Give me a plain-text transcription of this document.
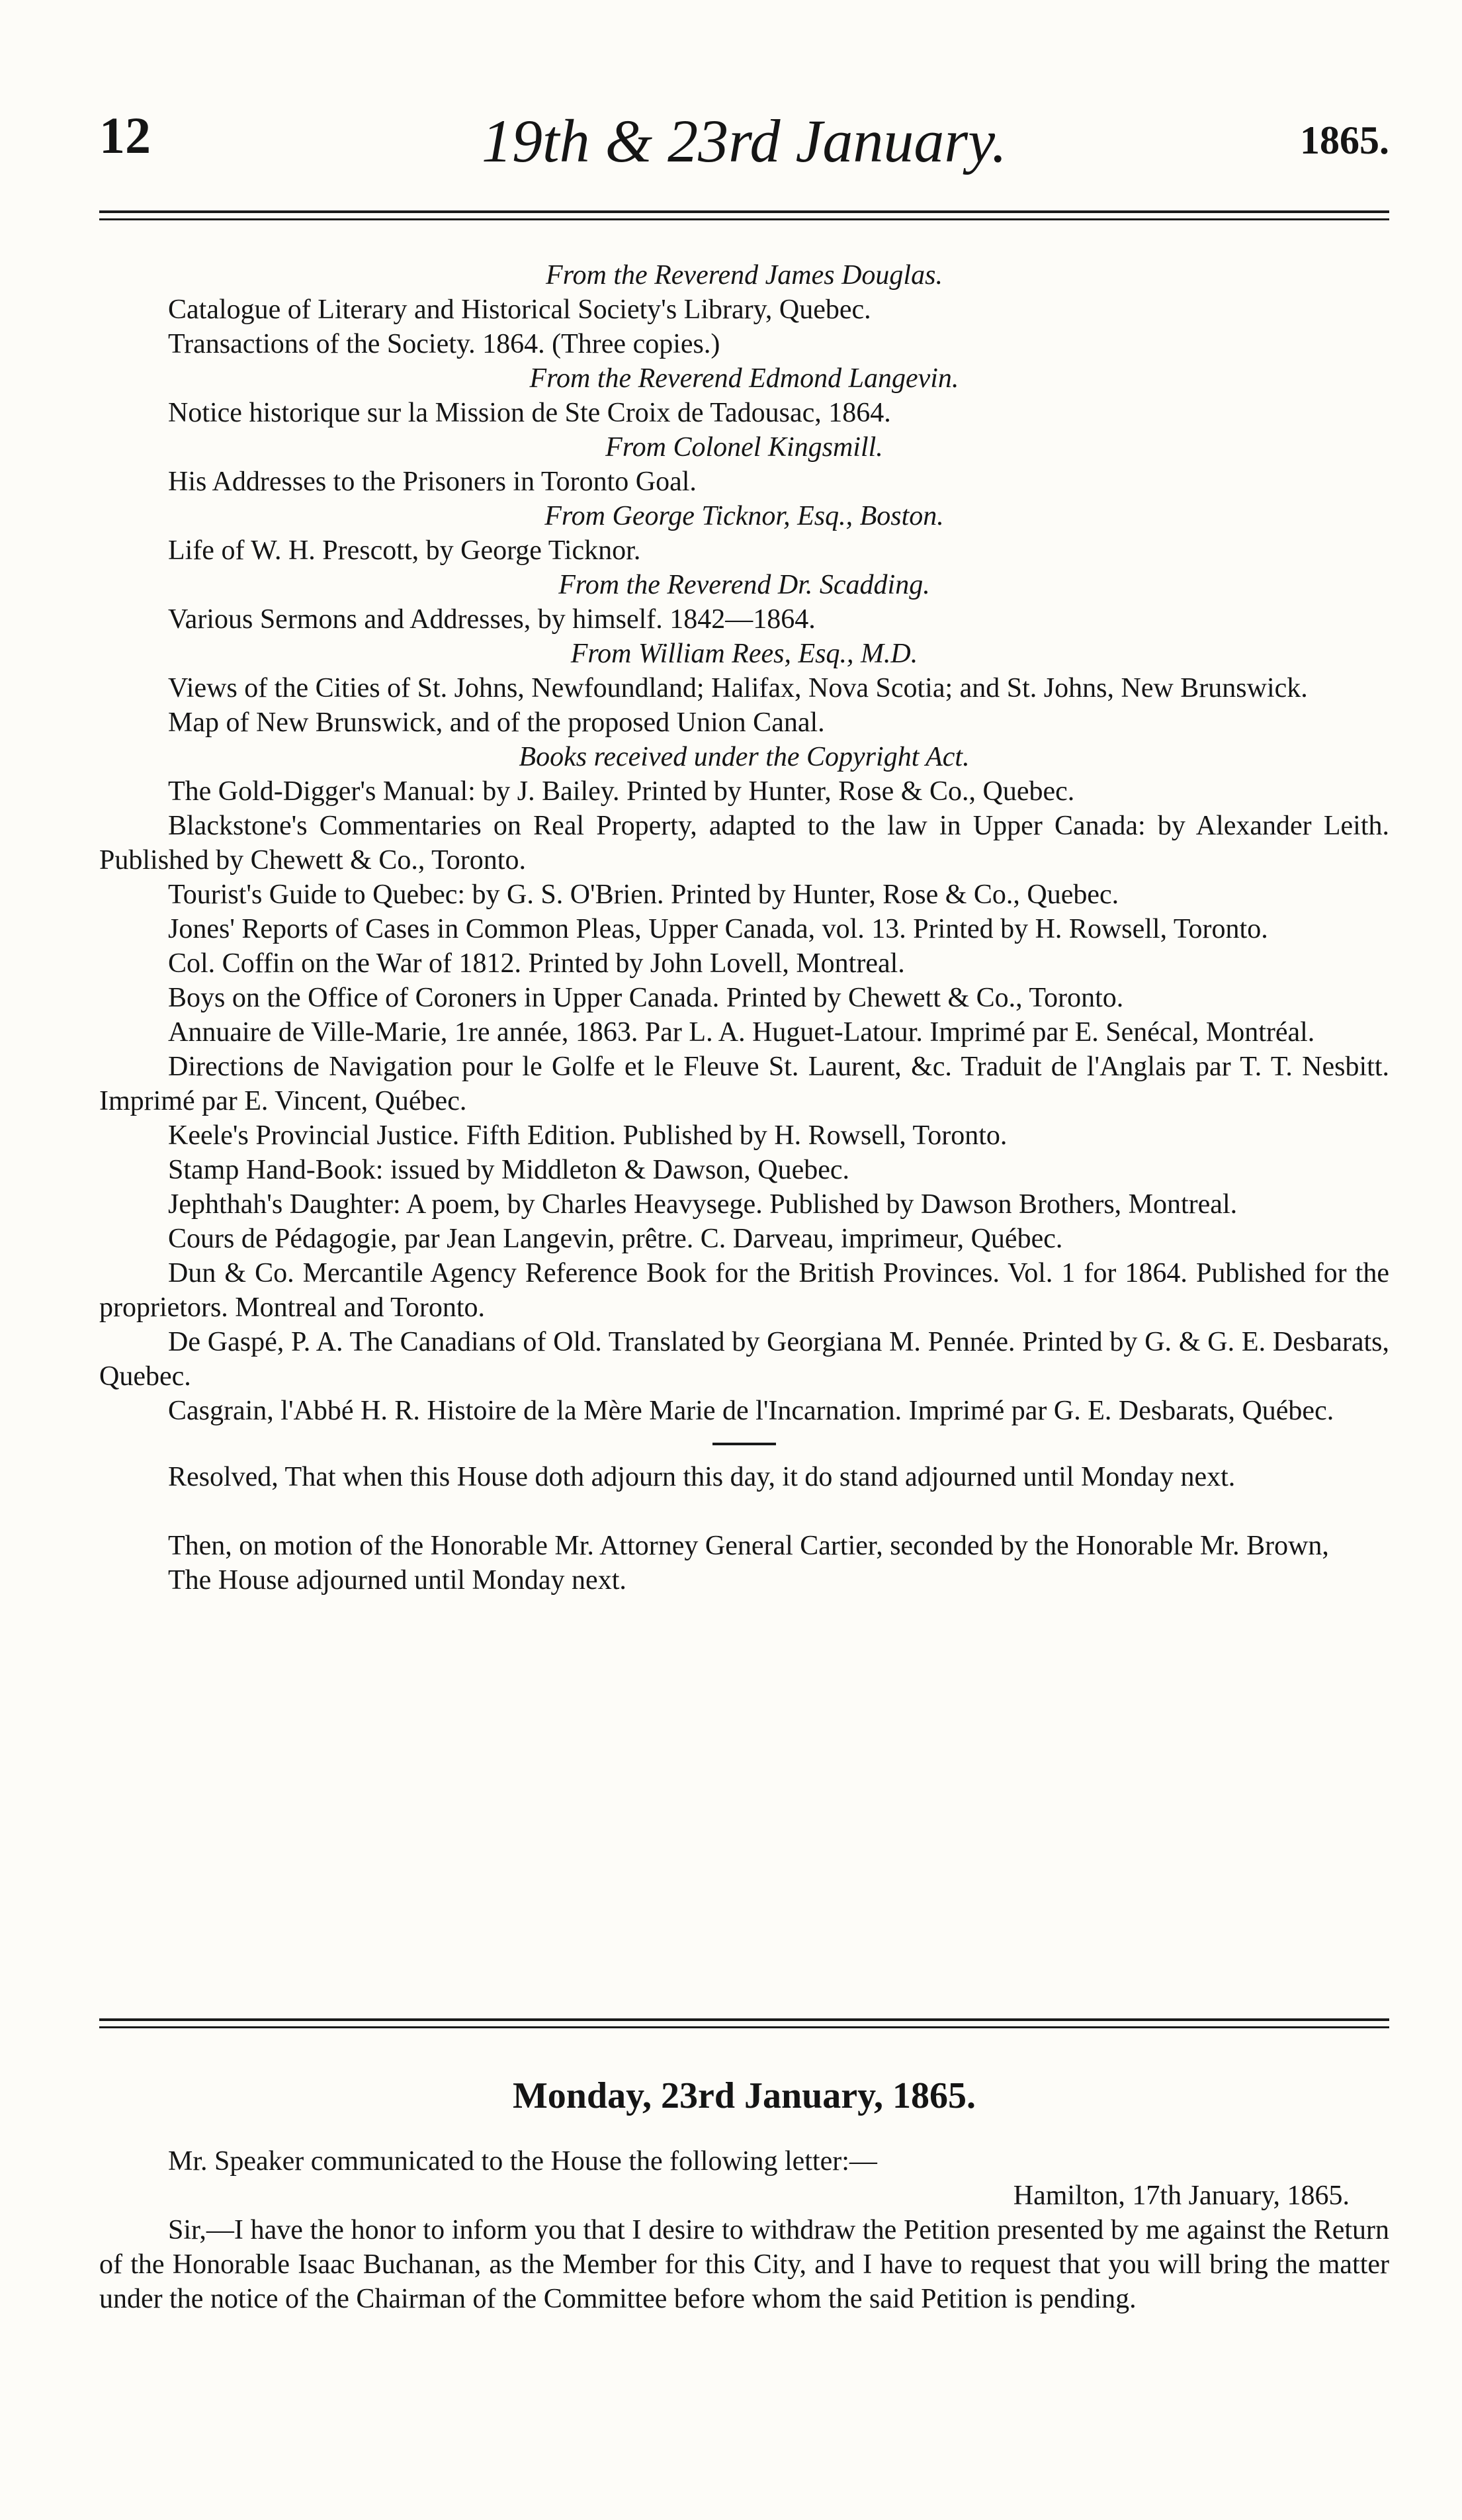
12	19th & 23rd January.	1865.

From the Reverend James Douglas.

Catalogue of Literary and Historical Society's Library, Quebec.

Transactions of the Society. 1864. (Three copies.)

From the Reverend Edmond Langevin.

Notice historique sur la Mission de Ste Croix de Tadousac, 1864.

From Colonel Kingsmill.

His Addresses to the Prisoners in Toronto Goal.

From George Ticknor, Esq., Boston.

Life of W. H. Prescott, by George Ticknor.

From the Reverend Dr. Scadding.

Various Sermons and Addresses, by himself. 1842—1864.

From William Rees, Esq., M.D.

Views of the Cities of St. Johns, Newfoundland; Halifax, Nova Scotia; and St. Johns, New Brunswick.

Map of New Brunswick, and of the proposed Union Canal.

Books received under the Copyright Act.

The Gold-Digger's Manual: by J. Bailey. Printed by Hunter, Rose & Co., Quebec.

Blackstone's Commentaries on Real Property, adapted to the law in Upper Canada: by Alexander Leith. Published by Chewett & Co., Toronto.

Tourist's Guide to Quebec: by G. S. O'Brien. Printed by Hunter, Rose & Co., Quebec.

Jones' Reports of Cases in Common Pleas, Upper Canada, vol. 13. Printed by H. Rowsell, Toronto.

Col. Coffin on the War of 1812. Printed by John Lovell, Montreal.

Boys on the Office of Coroners in Upper Canada. Printed by Chewett & Co., Toronto.

Annuaire de Ville-Marie, 1re année, 1863. Par L. A. Huguet-Latour. Imprimé par E. Senécal, Montréal.

Directions de Navigation pour le Golfe et le Fleuve St. Laurent, &c. Traduit de l'Anglais par T. T. Nesbitt. Imprimé par E. Vincent, Québec.

Keele's Provincial Justice. Fifth Edition. Published by H. Rowsell, Toronto.

Stamp Hand-Book: issued by Middleton & Dawson, Quebec.

Jephthah's Daughter: A poem, by Charles Heavysege. Published by Dawson Brothers, Montreal.

Cours de Pédagogie, par Jean Langevin, prêtre. C. Darveau, imprimeur, Québec.

Dun & Co. Mercantile Agency Reference Book for the British Provinces. Vol. 1 for 1864. Published for the proprietors. Montreal and Toronto.

De Gaspé, P. A. The Canadians of Old. Translated by Georgiana M. Pennée. Printed by G. & G. E. Desbarats, Quebec.

Casgrain, l'Abbé H. R. Histoire de la Mère Marie de l'Incarnation. Imprimé par G. E. Desbarats, Québec.

Resolved, That when this House doth adjourn this day, it do stand adjourned until Monday next.

Then, on motion of the Honorable Mr. Attorney General Cartier, seconded by the Honorable Mr. Brown,

The House adjourned until Monday next.

Monday, 23rd January, 1865.

Mr. Speaker communicated to the House the following letter:—

Hamilton, 17th January, 1865.

Sir,—I have the honor to inform you that I desire to withdraw the Petition presented by me against the Return of the Honorable Isaac Buchanan, as the Member for this City, and I have to request that you will bring the matter under the notice of the Chairman of the Committee before whom the said Petition is pending.
